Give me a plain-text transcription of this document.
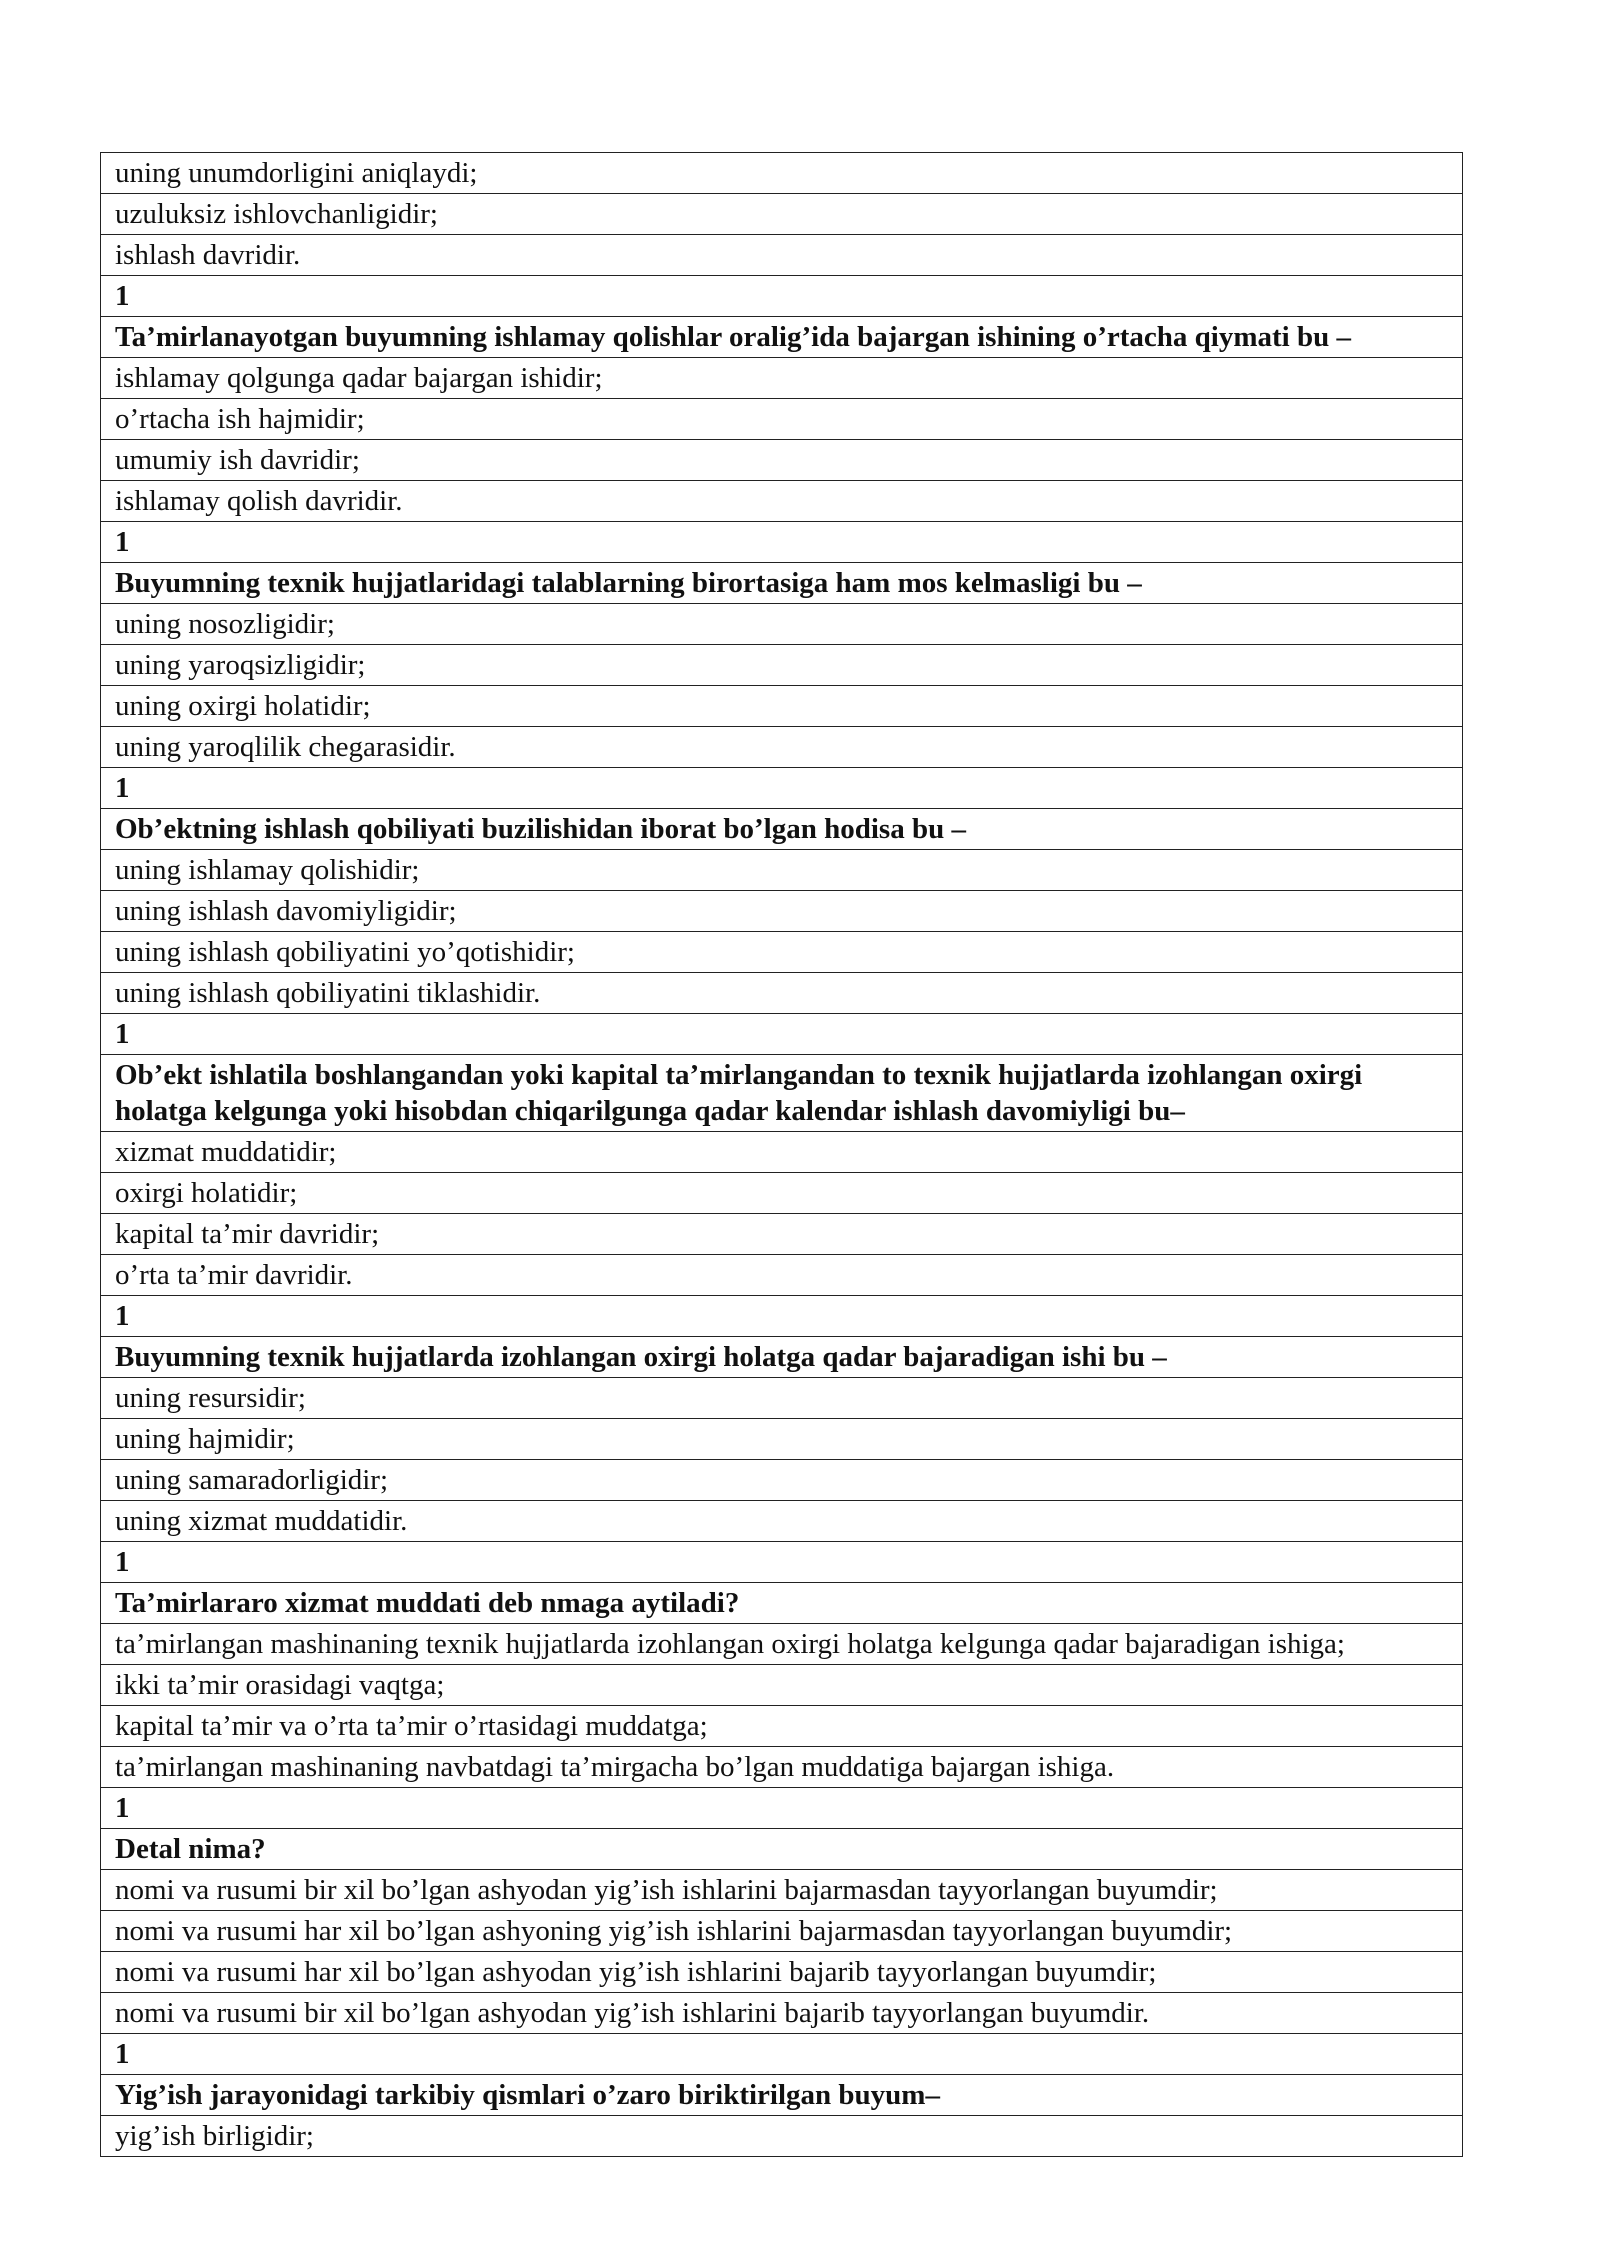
uning unumdorligini aniqlaydi;
uzuluksiz ishlovchanligidir;
ishlash davridir.
1
Ta’mirlanayotgan buyumning ishlamay qolishlar oralig’ida bajargan ishining o’rtacha qiymati bu –
ishlamay qolgunga qadar bajargan ishidir;
o’rtacha ish hajmidir;
umumiy ish davridir;
ishlamay qolish davridir.
1
Buyumning texnik hujjatlaridagi talablarning birortasiga ham mos kelmasligi bu –
uning nosozligidir;
uning yaroqsizligidir;
uning oxirgi holatidir;
uning yaroqlilik chegarasidir.
1
Ob’ektning ishlash qobiliyati buzilishidan iborat bo’lgan hodisa bu –
uning ishlamay qolishidir;
uning ishlash davomiyligidir;
uning ishlash qobiliyatini yo’qotishidir;
uning ishlash qobiliyatini tiklashidir.
1
Ob’ekt ishlatila boshlangandan yoki kapital ta’mirlangandan to texnik hujjatlarda izohlangan oxirgi holatga kelgunga yoki hisobdan chiqarilgunga qadar kalendar ishlash davomiyligi bu–
xizmat muddatidir;
oxirgi holatidir;
kapital ta’mir davridir;
o’rta ta’mir davridir.
1
Buyumning texnik hujjatlarda izohlangan oxirgi holatga qadar bajaradigan ishi bu –
uning resursidir;
uning hajmidir;
uning samaradorligidir;
uning xizmat muddatidir.
1
Ta’mirlararo xizmat muddati deb nmaga aytiladi?
ta’mirlangan mashinaning texnik hujjatlarda izohlangan oxirgi holatga kelgunga qadar bajaradigan ishiga;
ikki ta’mir orasidagi vaqtga;
kapital ta’mir va o’rta ta’mir o’rtasidagi muddatga;
ta’mirlangan mashinaning navbatdagi ta’mirgacha bo’lgan muddatiga bajargan ishiga.
1
Detal nima?
nomi va rusumi bir xil bo’lgan ashyodan yig’ish ishlarini bajarmasdan tayyorlangan buyumdir;
nomi va rusumi har xil bo’lgan ashyoning yig’ish ishlarini bajarmasdan tayyorlangan buyumdir;
nomi va rusumi har xil bo’lgan ashyodan yig’ish ishlarini bajarib tayyorlangan buyumdir;
nomi va rusumi bir xil bo’lgan ashyodan yig’ish ishlarini bajarib tayyorlangan buyumdir.
1
Yig’ish jarayonidagi tarkibiy qismlari o’zaro biriktirilgan buyum–
yig’ish birligidir;
